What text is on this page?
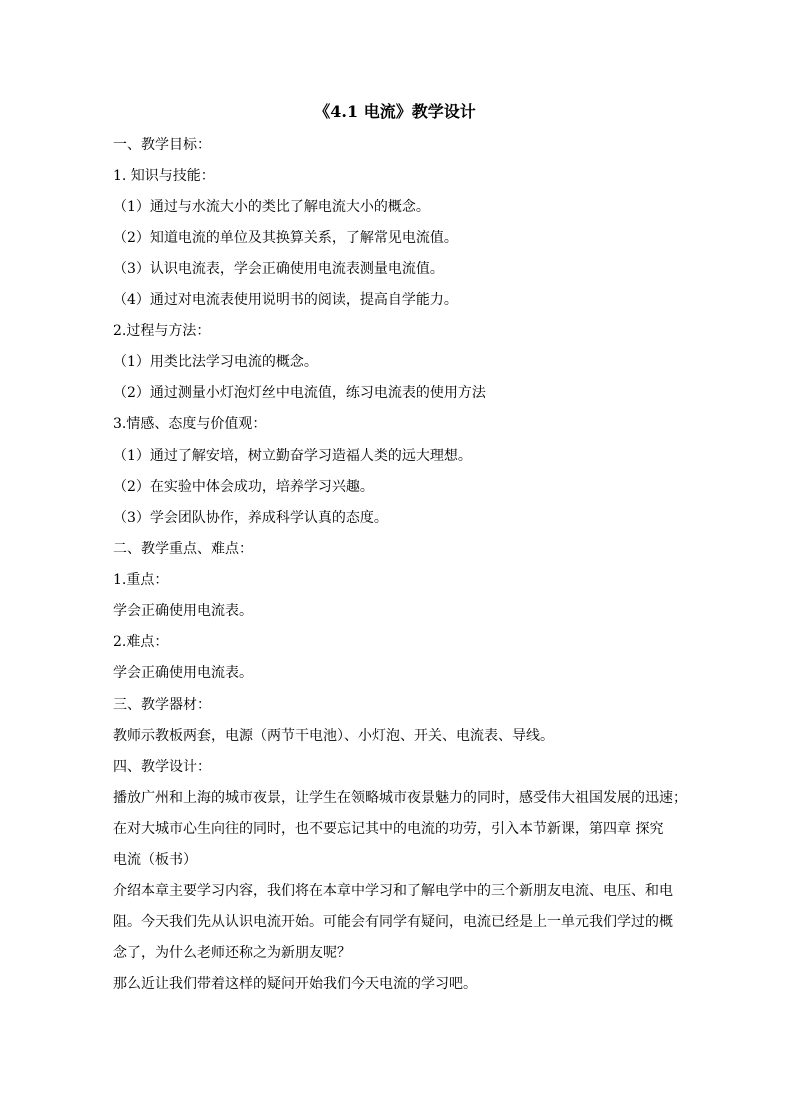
《4.1 电流》教学设计
一、教学目标：
1. 知识与技能：
（1）通过与水流大小的类比了解电流大小的概念。
（2）知道电流的单位及其换算关系，了解常见电流值。
（3）认识电流表，学会正确使用电流表测量电流值。
（4）通过对电流表使用说明书的阅读，提高自学能力。
2.过程与方法：
（1）用类比法学习电流的概念。
（2）通过测量小灯泡灯丝中电流值，练习电流表的使用方法
3.情感、态度与价值观：
（1）通过了解安培，树立勤奋学习造福人类的远大理想。
（2）在实验中体会成功，培养学习兴趣。
（3）学会团队协作，养成科学认真的态度。
二、教学重点、难点：
1.重点：
学会正确使用电流表。
2.难点：
学会正确使用电流表。
三、教学器材：
教师示教板两套，电源（两节干电池）、小灯泡、开关、电流表、导线。
四、教学设计：
播放广州和上海的城市夜景，让学生在领略城市夜景魅力的同时，感受伟大祖国发展的迅速；
在对大城市心生向往的同时，也不要忘记其中的电流的功劳，引入本节新课，第四章 探究
电流（板书）
介绍本章主要学习内容，我们将在本章中学习和了解电学中的三个新朋友电流、电压、和电
阻。今天我们先从认识电流开始。可能会有同学有疑问，电流已经是上一单元我们学过的概
念了，为什么老师还称之为新朋友呢？
那么近让我们带着这样的疑问开始我们今天电流的学习吧。
